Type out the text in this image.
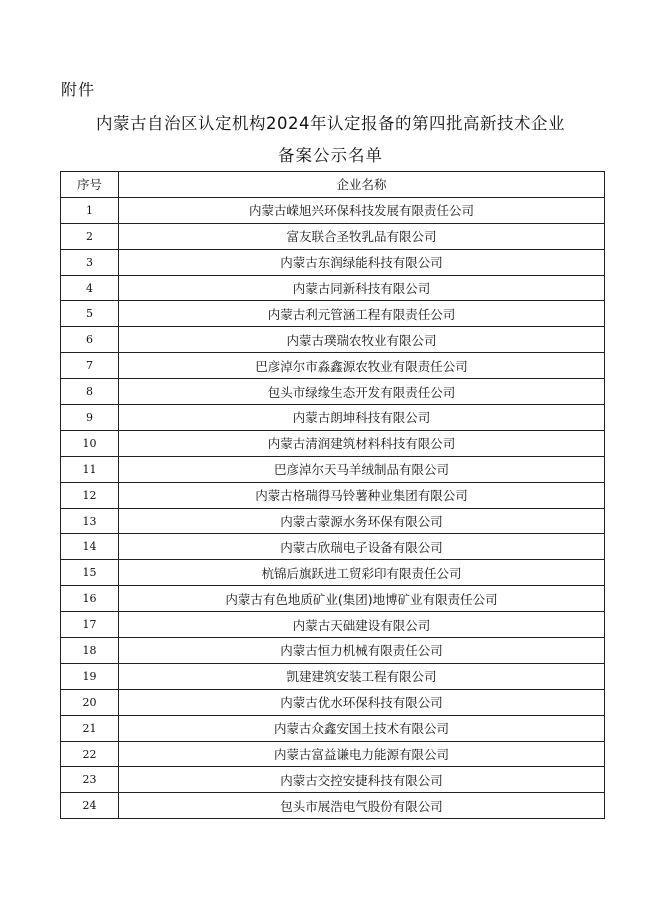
附件
内蒙古自治区认定机构2024年认定报备的第四批高新技术企业
备案公示名单
序号	企业名称
1	内蒙古嵘旭兴环保科技发展有限责任公司
2	富友联合圣牧乳品有限公司
3	内蒙古东润绿能科技有限公司
4	内蒙古同新科技有限公司
5	内蒙古利元管涵工程有限责任公司
6	内蒙古璞瑞农牧业有限公司
7	巴彦淖尔市淼鑫源农牧业有限责任公司
8	包头市绿缘生态开发有限责任公司
9	内蒙古朗坤科技有限公司
10	内蒙古清润建筑材料科技有限公司
11	巴彦淖尔天马羊绒制品有限公司
12	内蒙古格瑞得马铃薯种业集团有限公司
13	内蒙古蒙源水务环保有限公司
14	内蒙古欣瑞电子设备有限公司
15	杭锦后旗跃进工贸彩印有限责任公司
16	内蒙古有色地质矿业(集团)地博矿业有限责任公司
17	内蒙古天础建设有限公司
18	内蒙古恒力机械有限责任公司
19	凯建建筑安装工程有限公司
20	内蒙古优水环保科技有限公司
21	内蒙古众鑫安国土技术有限公司
22	内蒙古富益谦电力能源有限公司
23	内蒙古交控安捷科技有限公司
24	包头市展浩电气股份有限公司
